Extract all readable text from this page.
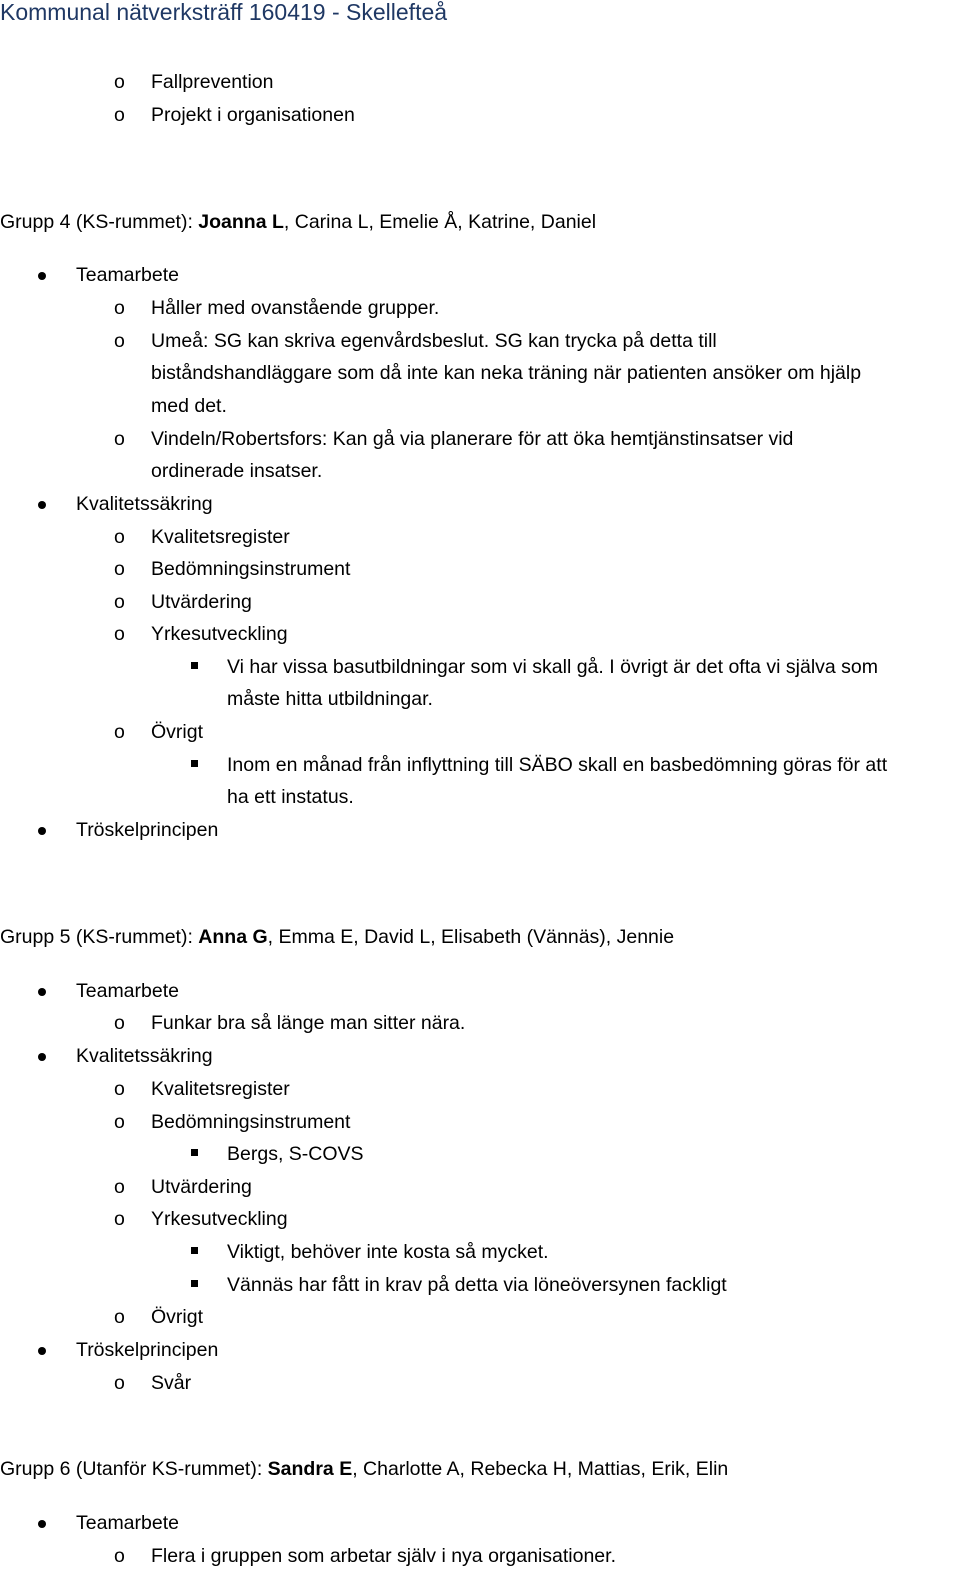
Kommunal nätverksträff 160419 - Skellefteå
o Fallprevention
o Projekt i organisationen
Grupp 4 (KS-rummet): Joanna L, Carina L, Emelie Å, Katrine, Daniel
Teamarbete
o Håller med ovanstående grupper.
o Umeå: SG kan skriva egenvårdsbeslut. SG kan trycka på detta till
biståndshandläggare som då inte kan neka träning när patienten ansöker om hjälp
med det.
o Vindeln/Robertsfors: Kan gå via planerare för att öka hemtjänstinsatser vid
ordinerade insatser.
Kvalitetssäkring
o Kvalitetsregister
o Bedömningsinstrument
o Utvärdering
o Yrkesutveckling
Vi har vissa basutbildningar som vi skall gå. I övrigt är det ofta vi själva som
måste hitta utbildningar.
o Övrigt
Inom en månad från inflyttning till SÄBO skall en basbedömning göras för att
ha ett instatus.
Tröskelprincipen
Grupp 5 (KS-rummet): Anna G, Emma E, David L, Elisabeth (Vännäs), Jennie
Teamarbete
o Funkar bra så länge man sitter nära.
Kvalitetssäkring
o Kvalitetsregister
o Bedömningsinstrument
Bergs, S-COVS
o Utvärdering
o Yrkesutveckling
Viktigt, behöver inte kosta så mycket.
Vännäs har fått in krav på detta via löneöversynen fackligt
o Övrigt
Tröskelprincipen
o Svår
Grupp 6 (Utanför KS-rummet): Sandra E, Charlotte A, Rebecka H, Mattias, Erik, Elin
Teamarbete
o Flera i gruppen som arbetar själv i nya organisationer.
